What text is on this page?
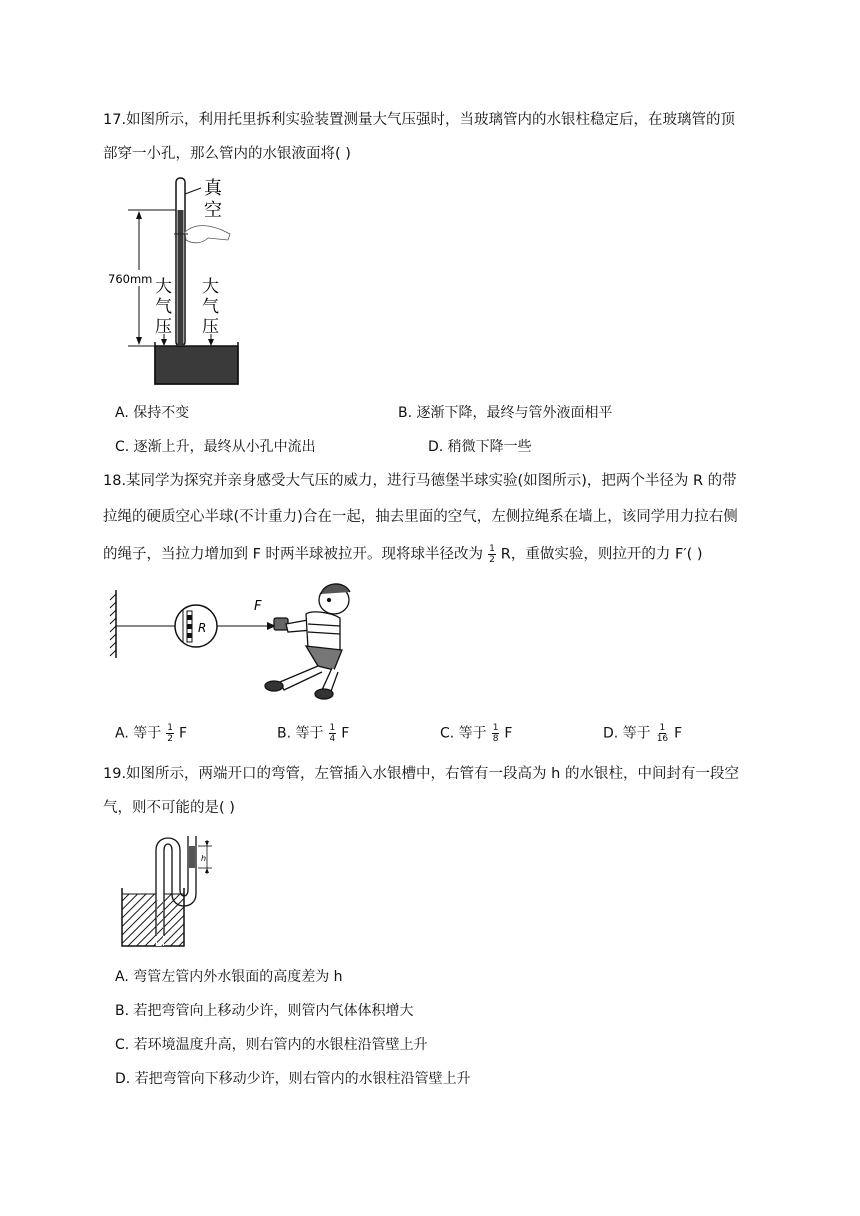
17.如图所示，利用托里拆利实验装置测量大气压强时，当玻璃管内的水银柱稳定后，在玻璃管的顶
部穿一小孔，那么管内的水银液面将( )
真
空
760mm 大
气
压
大
气
压
A. 保持不变	B. 逐渐下降，最终与管外液面相平
C. 逐渐上升，最终从小孔中流出	D. 稍微下降一些
18.某同学为探究并亲身感受大气压的威力，进行马德堡半球实验(如图所示)，把两个半径为 R 的带
拉绳的硬质空心半球(不计重力)合在一起，抽去里面的空气，左侧拉绳系在墙上，该同学用力拉右侧
的绳子，当拉力增加到 F 时两半球被拉开。现将球半径改为 $\frac{1}{2}$ R，重做实验，则拉开的力 F′( )
R
F
A. 等于 $\frac{1}{2}$ F	B. 等于 $\frac{1}{4}$ F	C. 等于 $\frac{1}{8}$ F	D. 等于 $\frac{1}{16}$ F
19.如图所示，两端开口的弯管，左管插入水银槽中，右管有一段高为 h 的水银柱，中间封有一段空
气，则不可能的是( )
h
A. 弯管左管内外水银面的高度差为 h
B. 若把弯管向上移动少许，则管内气体体积增大
C. 若环境温度升高，则右管内的水银柱沿管壁上升
D. 若把弯管向下移动少许，则右管内的水银柱沿管壁上升
